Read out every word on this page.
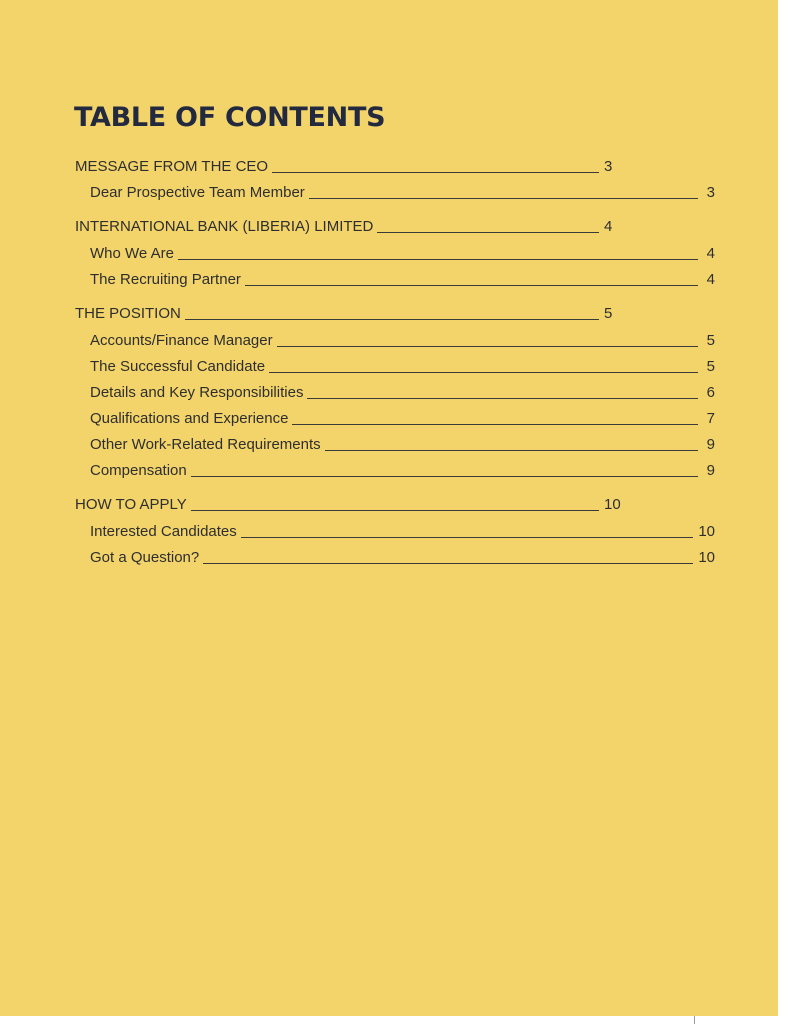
TABLE OF CONTENTS
MESSAGE FROM THE CEO	3
Dear Prospective Team Member	3
INTERNATIONAL BANK (LIBERIA) LIMITED	4
Who We Are	4
The Recruiting Partner	4
THE POSITION	5
Accounts/Finance Manager	5
The Successful Candidate	5
Details and Key Responsibilities	6
Qualifications and Experience	7
Other Work-Related Requirements	9
Compensation	9
HOW TO APPLY	10
Interested Candidates	10
Got a Question?	10
